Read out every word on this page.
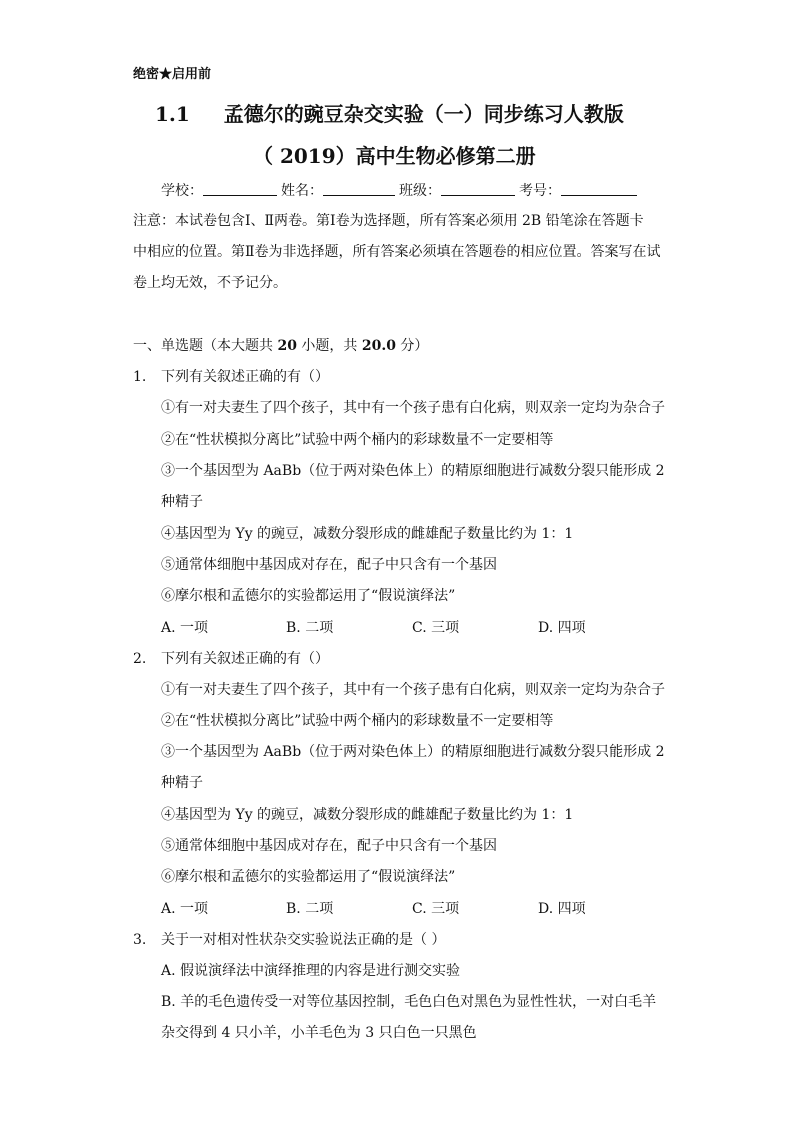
绝密★启用前
1.1 孟德尔的豌豆杂交实验（一）同步练习人教版
（ 2019）高中生物必修第二册
学校：	姓名：	班级：	考号：
注意：本试卷包含Ⅰ、Ⅱ两卷。第Ⅰ卷为选择题，所有答案必须用 2B 铅笔涂在答题卡
中相应的位置。第Ⅱ卷为非选择题，所有答案必须填在答题卷的相应位置。答案写在试
卷上均无效，不予记分。
一、单选题（本大题共 20 小题，共 20.0 分）
1. 下列有关叙述正确的有（）
①有一对夫妻生了四个孩子，其中有一个孩子患有白化病，则双亲一定均为杂合子
②在“性状模拟分离比”试验中两个桶内的彩球数量不一定要相等
③一个基因型为 AaBb（位于两对染色体上）的精原细胞进行减数分裂只能形成 2
种精子
④基因型为 Yy 的豌豆，减数分裂形成的雌雄配子数量比约为 1：1
⑤通常体细胞中基因成对存在，配子中只含有一个基因
⑥摩尔根和孟德尔的实验都运用了“假说演绎法”
A. 一项	B. 二项	C. 三项	D. 四项
2. 下列有关叙述正确的有（）
①有一对夫妻生了四个孩子，其中有一个孩子患有白化病，则双亲一定均为杂合子
②在“性状模拟分离比”试验中两个桶内的彩球数量不一定要相等
③一个基因型为 AaBb（位于两对染色体上）的精原细胞进行减数分裂只能形成 2
种精子
④基因型为 Yy 的豌豆，减数分裂形成的雌雄配子数量比约为 1：1
⑤通常体细胞中基因成对存在，配子中只含有一个基因
⑥摩尔根和孟德尔的实验都运用了“假说演绎法”
A. 一项	B. 二项	C. 三项	D. 四项
3. 关于一对相对性状杂交实验说法正确的是（ ）
A. 假说演绎法中演绎推理的内容是进行测交实验
B. 羊的毛色遗传受一对等位基因控制，毛色白色对黑色为显性性状，一对白毛羊
杂交得到 4 只小羊，小羊毛色为 3 只白色一只黑色
